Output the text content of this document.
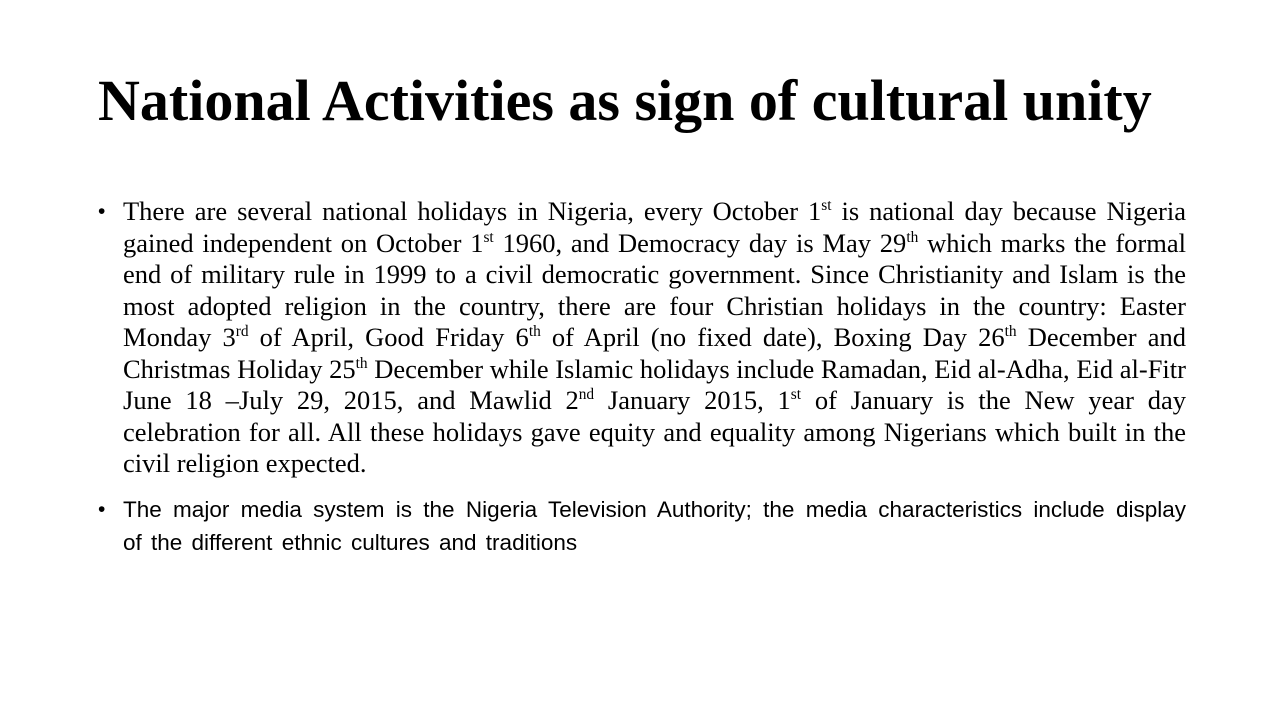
National Activities as sign of cultural unity
• There are several national holidays in Nigeria, every October 1st is national day because Nigeria gained independent on October 1st 1960, and Democracy day is May 29th which marks the formal end of military rule in 1999 to a civil democratic government. Since Christianity and Islam is the most adopted religion in the country, there are four Christian holidays in the country: Easter Monday 3rd of April, Good Friday 6th of April (no fixed date), Boxing Day 26th December and Christmas Holiday 25th December while Islamic holidays include Ramadan, Eid al-Adha, Eid al-Fitr June 18 –July 29, 2015, and Mawlid 2nd January 2015, 1st of January is the New year day celebration for all. All these holidays gave equity and equality among Nigerians which built in the civil religion expected.
• The major media system is the Nigeria Television Authority; the media characteristics include display of the different ethnic cultures and traditions
